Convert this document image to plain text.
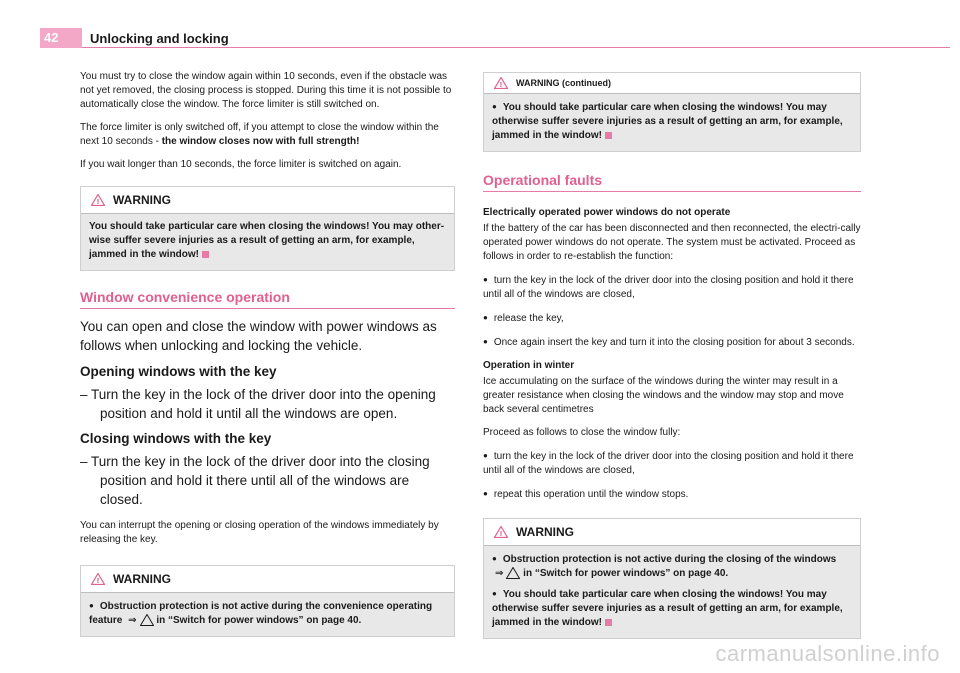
42	Unlocking and locking

You must try to close the window again within 10 seconds, even if the obstacle was not yet removed, the closing process is stopped. During this time it is not possible to automatically close the window. The force limiter is still switched on.

The force limiter is only switched off, if you attempt to close the window within the next 10 seconds - the window closes now with full strength!

If you wait longer than 10 seconds, the force limiter is switched on again.

! WARNING
You should take particular care when closing the windows! You may other-wise suffer severe injuries as a result of getting an arm, for example, jammed in the window!
Window convenience operation

You can open and close the window with power windows as follows when unlocking and locking the vehicle.

Opening windows with the key
– Turn the key in the lock of the driver door into the opening position and hold it until all the windows are open.
Closing windows with the key
– Turn the key in the lock of the driver door into the closing position and hold it there until all of the windows are closed.

You can interrupt the opening or closing operation of the windows immediately by releasing the key.

! WARNING
● Obstruction protection is not active during the convenience operating feature ⇒ in “Switch for power windows” on page 40.
! WARNING (continued)
● You should take particular care when closing the windows! You may otherwise suffer severe injuries as a result of getting an arm, for example, jammed in the window!
Operational faults

Electrically operated power windows do not operate

If the battery of the car has been disconnected and then reconnected, the electri-cally operated power windows do not operate. The system must be activated. Proceed as follows in order to re-establish the function:

● turn the key in the lock of the driver door into the closing position and hold it there until all of the windows are closed,

● release the key,

● Once again insert the key and turn it into the closing position for about 3 seconds.

Operation in winter

Ice accumulating on the surface of the windows during the winter may result in a greater resistance when closing the windows and the window may stop and move back several centimetres

Proceed as follows to close the window fully:

● turn the key in the lock of the driver door into the closing position and hold it there until all of the windows are closed,

● repeat this operation until the window stops.

! WARNING
● Obstruction protection is not active during the closing of the windows
⇒ in “Switch for power windows” on page 40.
● You should take particular care when closing the windows! You may otherwise suffer severe injuries as a result of getting an arm, for example, jammed in the window!
carmanualsonline.info
